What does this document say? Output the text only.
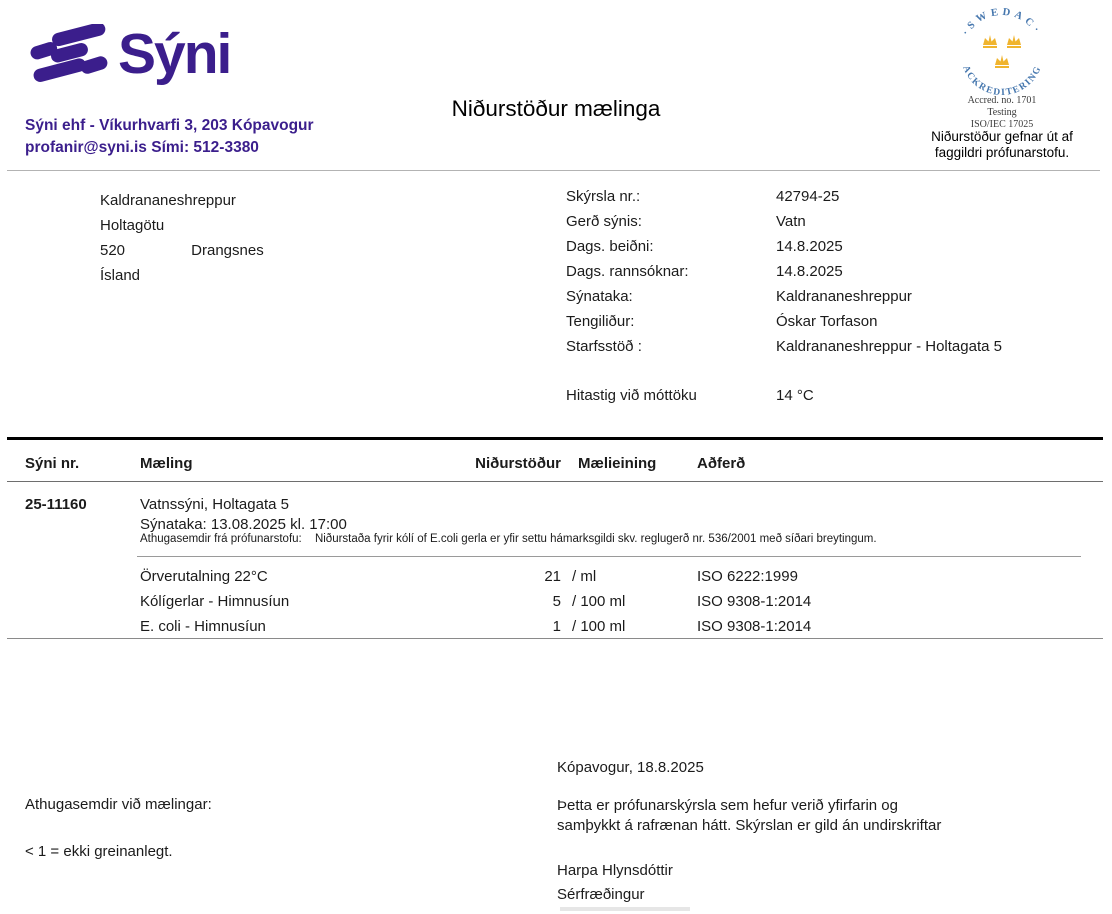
Sýni
Sýni ehf - Víkurhvarfi 3, 203 Kópavogur
profanir@syni.is Sími: 512-3380
Niðurstöður mælinga
·SWEDAC·
ACKREDITERING
Accred. no. 1701
Testing
ISO/IEC 17025
Niðurstöður gefnar út af
faggildri prófunarstofu.
Kaldrananeshreppur
Holtagötu
520	Drangsnes
Ísland
Skýrsla nr.:	42794-25
Gerð sýnis:	Vatn
Dags. beiðni:	14.8.2025
Dags. rannsóknar:	14.8.2025
Sýnataka:	Kaldrananeshreppur
Tengiliður:	Óskar Torfason
Starfsstöð :	Kaldrananeshreppur - Holtagata 5
Hitastig við móttöku	14 °C
Sýni nr.	Mæling	Niðurstöður Mælieining	Aðferð
25-11160	Vatnssýni, Holtagata 5
Sýnataka: 13.08.2025 kl. 17:00
Athugasemdir frá prófunarstofu: Niðurstaða fyrir kólí of E.coli gerla er yfir settu hámarksgildi skv. reglugerð nr. 536/2001 með síðari breytingum.
Örverutalning 22°C	21 / ml	ISO 6222:1999
Kólígerlar - Himnusíun	5 / 100 ml	ISO 9308-1:2014
E. coli - Himnusíun	1 / 100 ml	ISO 9308-1:2014
Kópavogur, 18.8.2025
Þetta er prófunarskýrsla sem hefur verið yfirfarin og
samþykkt á rafrænan hátt. Skýrslan er gild án undirskriftar
Harpa Hlynsdóttir
Sérfræðingur
Athugasemdir við mælingar:
< 1 = ekki greinanlegt.
